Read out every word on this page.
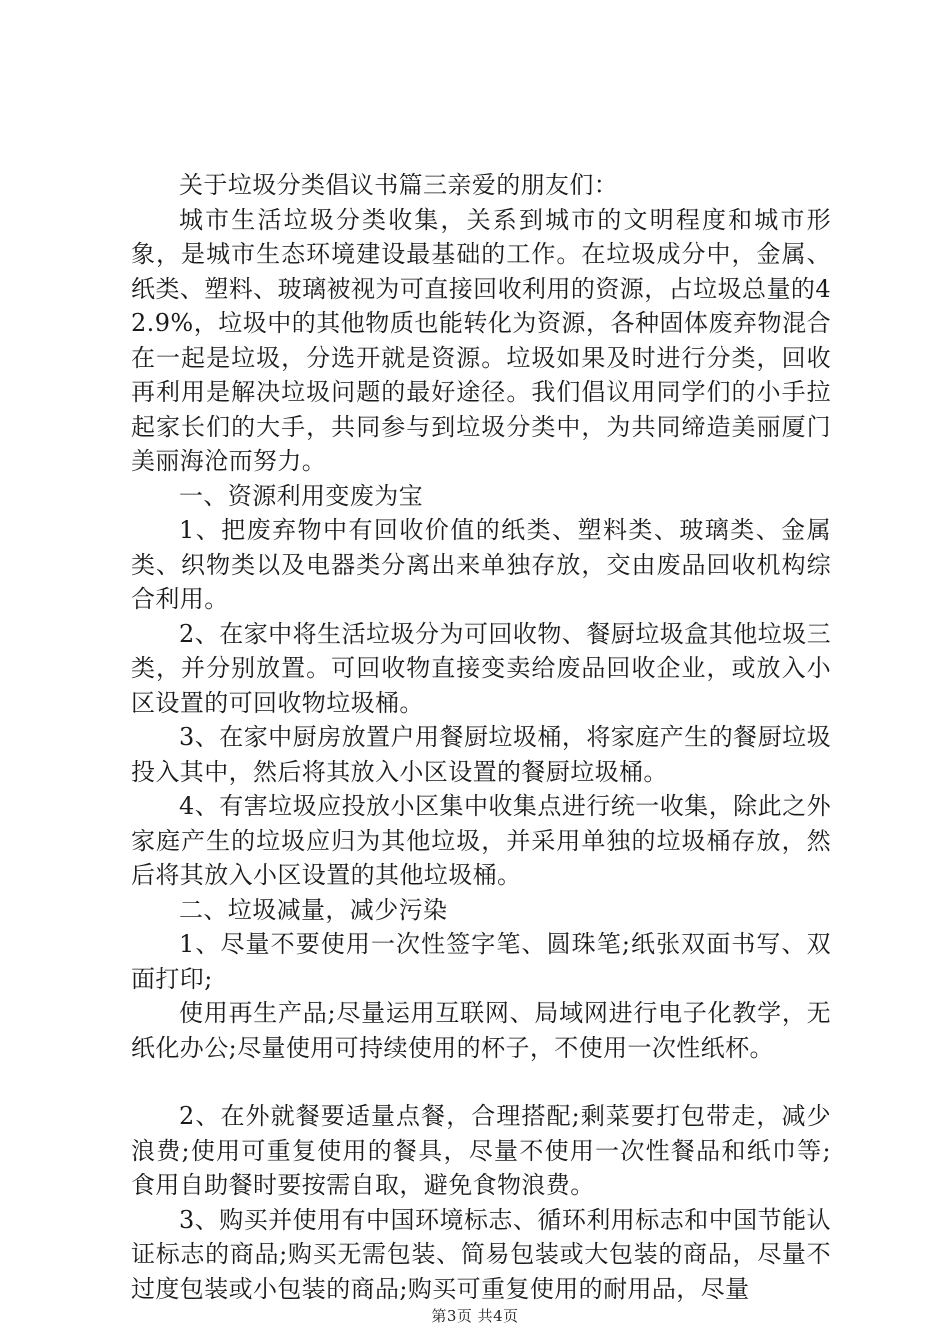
关于垃圾分类倡议书篇三亲爱的朋友们：

城市生活垃圾分类收集，关系到城市的文明程度和城市形象，是城市生态环境建设最基础的工作。在垃圾成分中，金属、纸类、塑料、玻璃被视为可直接回收利用的资源，占垃圾总量的42.9%，垃圾中的其他物质也能转化为资源，各种固体废弃物混合在一起是垃圾，分选开就是资源。垃圾如果及时进行分类，回收再利用是解决垃圾问题的最好途径。我们倡议用同学们的小手拉起家长们的大手，共同参与到垃圾分类中，为共同缔造美丽厦门美丽海沧而努力。

一、资源利用变废为宝

1、把废弃物中有回收价值的纸类、塑料类、玻璃类、金属类、织物类以及电器类分离出来单独存放，交由废品回收机构综合利用。

2、在家中将生活垃圾分为可回收物、餐厨垃圾盒其他垃圾三类，并分别放置。可回收物直接变卖给废品回收企业，或放入小区设置的可回收物垃圾桶。

3、在家中厨房放置户用餐厨垃圾桶，将家庭产生的餐厨垃圾投入其中，然后将其放入小区设置的餐厨垃圾桶。

4、有害垃圾应投放小区集中收集点进行统一收集，除此之外家庭产生的垃圾应归为其他垃圾，并采用单独的垃圾桶存放，然后将其放入小区设置的其他垃圾桶。

二、垃圾减量，减少污染

1、尽量不要使用一次性签字笔、圆珠笔;纸张双面书写、双面打印;

使用再生产品;尽量运用互联网、局域网进行电子化教学，无纸化办公;尽量使用可持续使用的杯子，不使用一次性纸杯。

2、在外就餐要适量点餐，合理搭配;剩菜要打包带走，减少浪费;使用可重复使用的餐具，尽量不使用一次性餐品和纸巾等;食用自助餐时要按需自取，避免食物浪费。

3、购买并使用有中国环境标志、循环利用标志和中国节能认证标志的商品;购买无需包装、简易包装或大包装的商品，尽量不过度包装或小包装的商品;购买可重复使用的耐用品，尽量

第3页 共4页
